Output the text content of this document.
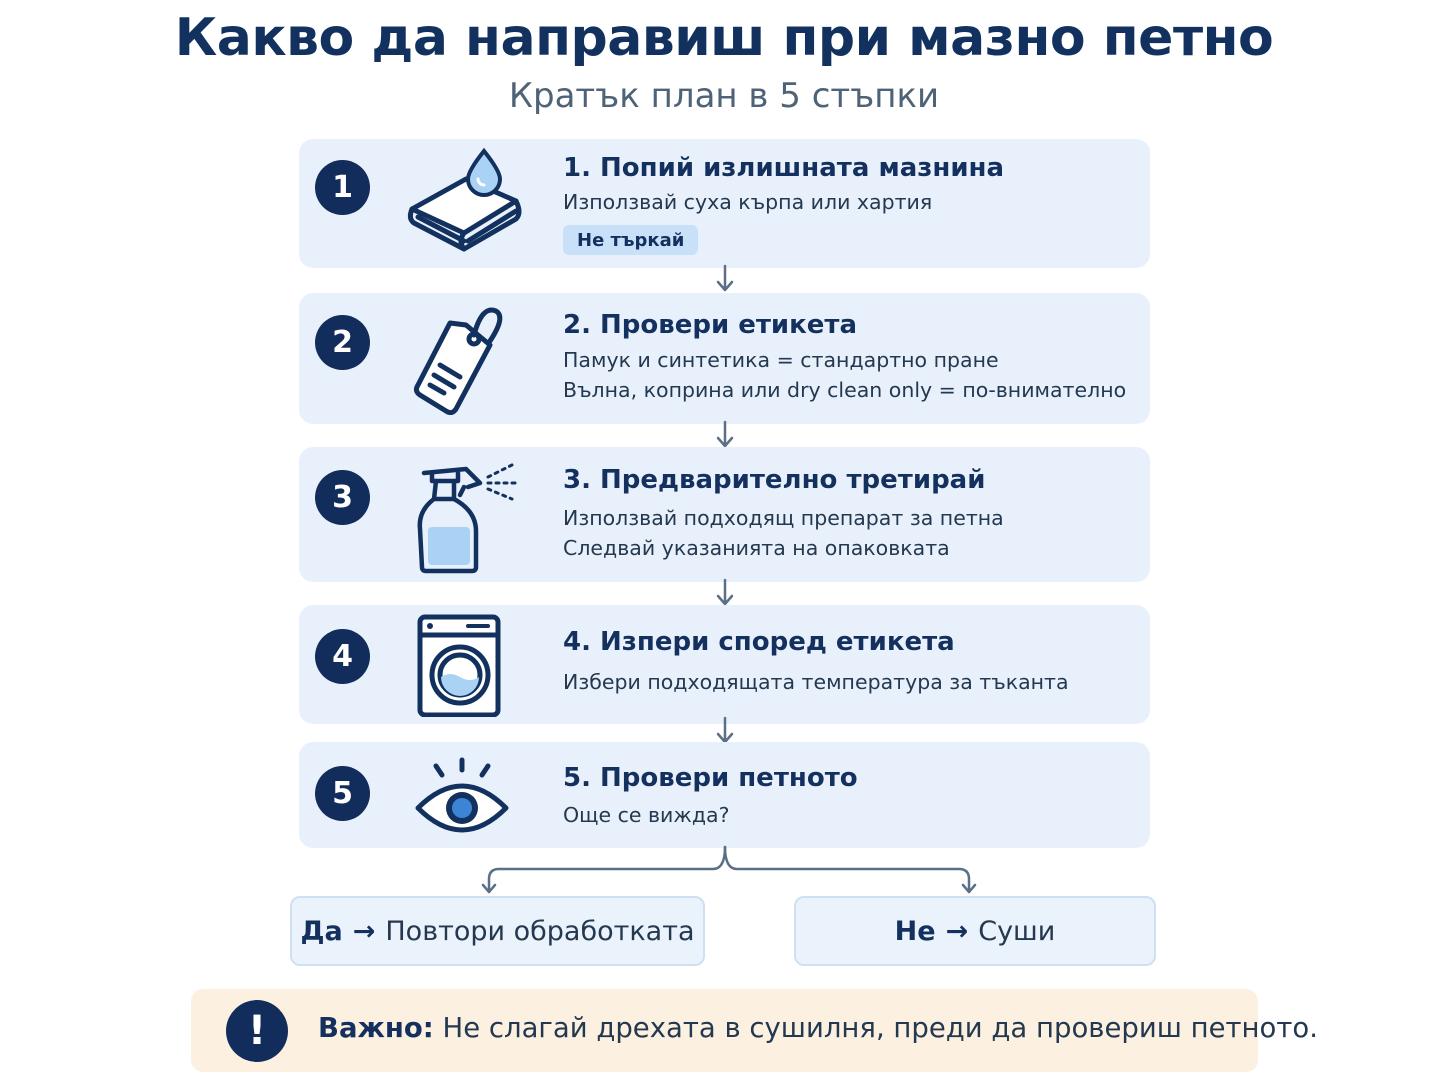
Какво да направиш при мазно петно
Кратък план в 5 стъпки
1
1. Попий излишната мазнина
Използвай суха кърпа или хартия
Не търкай
2	2. Провери етикета
Памук и синтетика = стандартно пране
Вълна, коприна или dry clean only = по-внимателно
3	3. Предварително третирай
Използвай подходящ препарат за петна
Следвай указанията на опаковката
4	4. Изпери според етикета
Избери подходящата температура за тъканта
5	5. Провери петното
Още се вижда?
Да → Повтори обработката	Не → Суши
!	Важно: Не слагай дрехата в сушилня, преди да провериш петното.
